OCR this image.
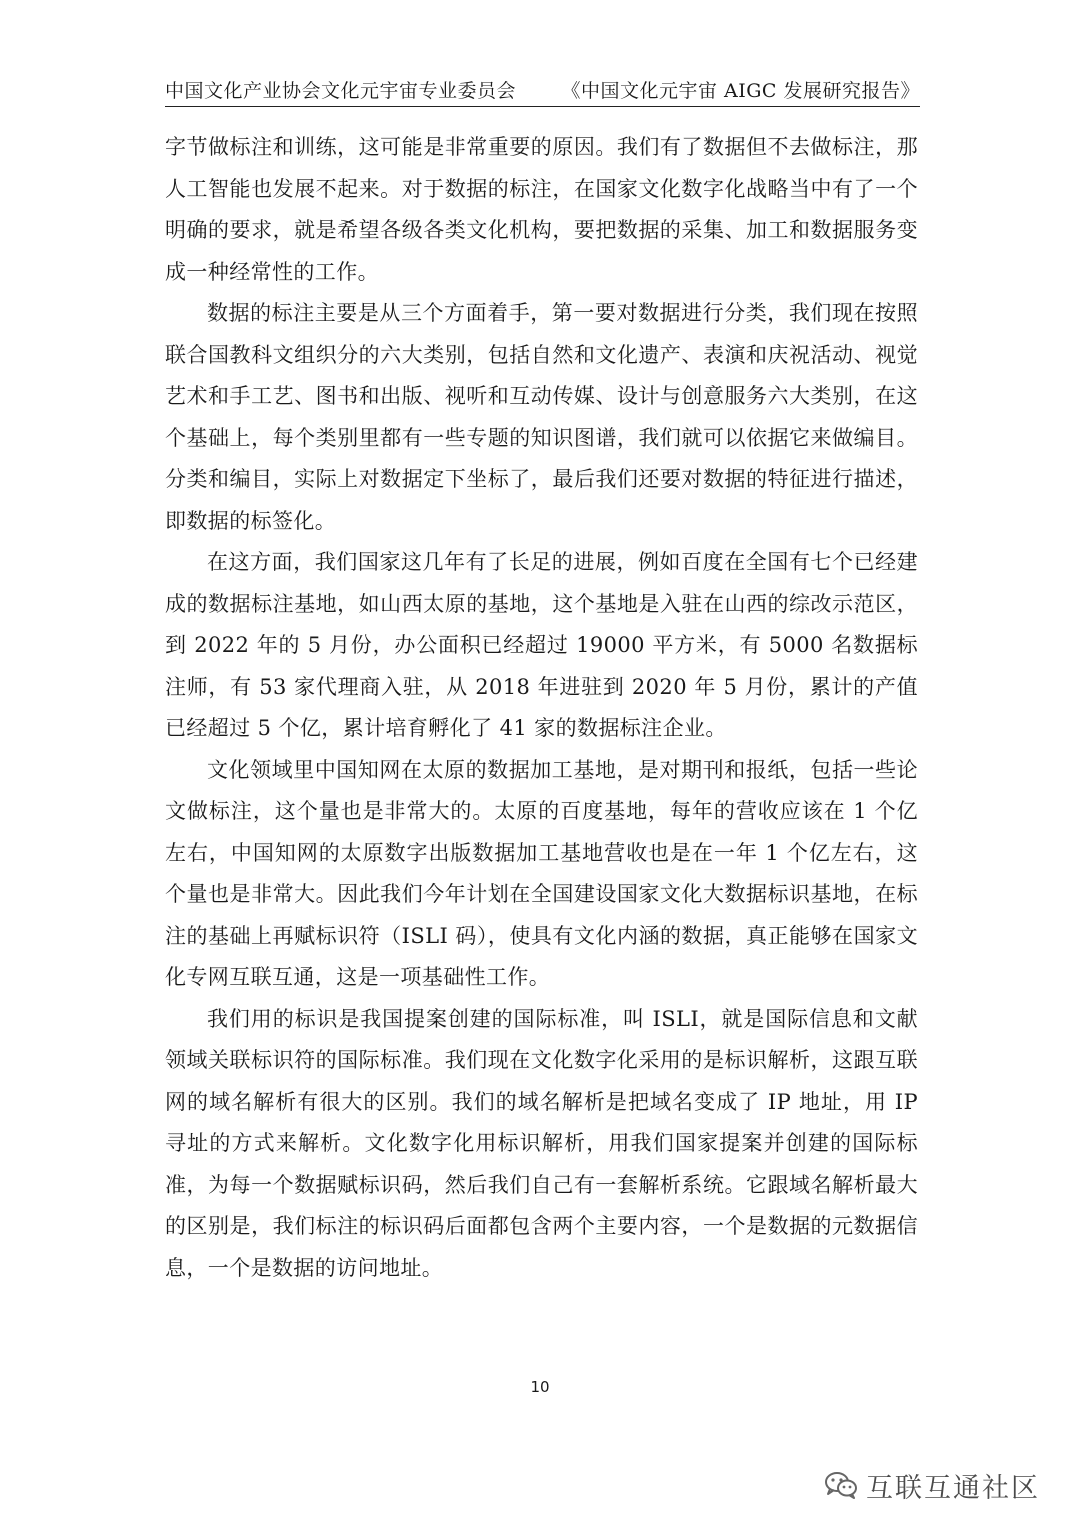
中国文化产业协会文化元宇宙专业委员会 《中国文化元宇宙 AIGC 发展研究报告》

字节做标注和训练，这可能是非常重要的原因。我们有了数据但不去做标注，那人工智能也发展不起来。对于数据的标注，在国家文化数字化战略当中有了一个明确的要求，就是希望各级各类文化机构，要把数据的采集、加工和数据服务变成一种经常性的工作。

数据的标注主要是从三个方面着手，第一要对数据进行分类，我们现在按照联合国教科文组织分的六大类别，包括自然和文化遗产、表演和庆祝活动、视觉艺术和手工艺、图书和出版、视听和互动传媒、设计与创意服务六大类别，在这个基础上，每个类别里都有一些专题的知识图谱，我们就可以依据它来做编目。分类和编目，实际上对数据定下坐标了，最后我们还要对数据的特征进行描述，即数据的标签化。

在这方面，我们国家这几年有了长足的进展，例如百度在全国有七个已经建成的数据标注基地，如山西太原的基地，这个基地是入驻在山西的综改示范区，到 2022 年的 5 月份，办公面积已经超过 19000 平方米，有 5000 名数据标注师，有 53 家代理商入驻，从 2018 年进驻到 2020 年 5 月份，累计的产值已经超过 5 个亿，累计培育孵化了 41 家的数据标注企业。

文化领域里中国知网在太原的数据加工基地，是对期刊和报纸，包括一些论文做标注，这个量也是非常大的。太原的百度基地，每年的营收应该在 1 个亿左右，中国知网的太原数字出版数据加工基地营收也是在一年 1 个亿左右，这个量也是非常大。因此我们今年计划在全国建设国家文化大数据标识基地，在标注的基础上再赋标识符（ISLI 码），使具有文化内涵的数据，真正能够在国家文化专网互联互通，这是一项基础性工作。

我们用的标识是我国提案创建的国际标准，叫 ISLI，就是国际信息和文献领域关联标识符的国际标准。我们现在文化数字化采用的是标识解析，这跟互联网的域名解析有很大的区别。我们的域名解析是把域名变成了 IP 地址，用 IP 寻址的方式来解析。文化数字化用标识解析，用我们国家提案并创建的国际标准，为每一个数据赋标识码，然后我们自己有一套解析系统。它跟域名解析最大的区别是，我们标注的标识码后面都包含两个主要内容，一个是数据的元数据信息，一个是数据的访问地址。

10
互联互通社区
